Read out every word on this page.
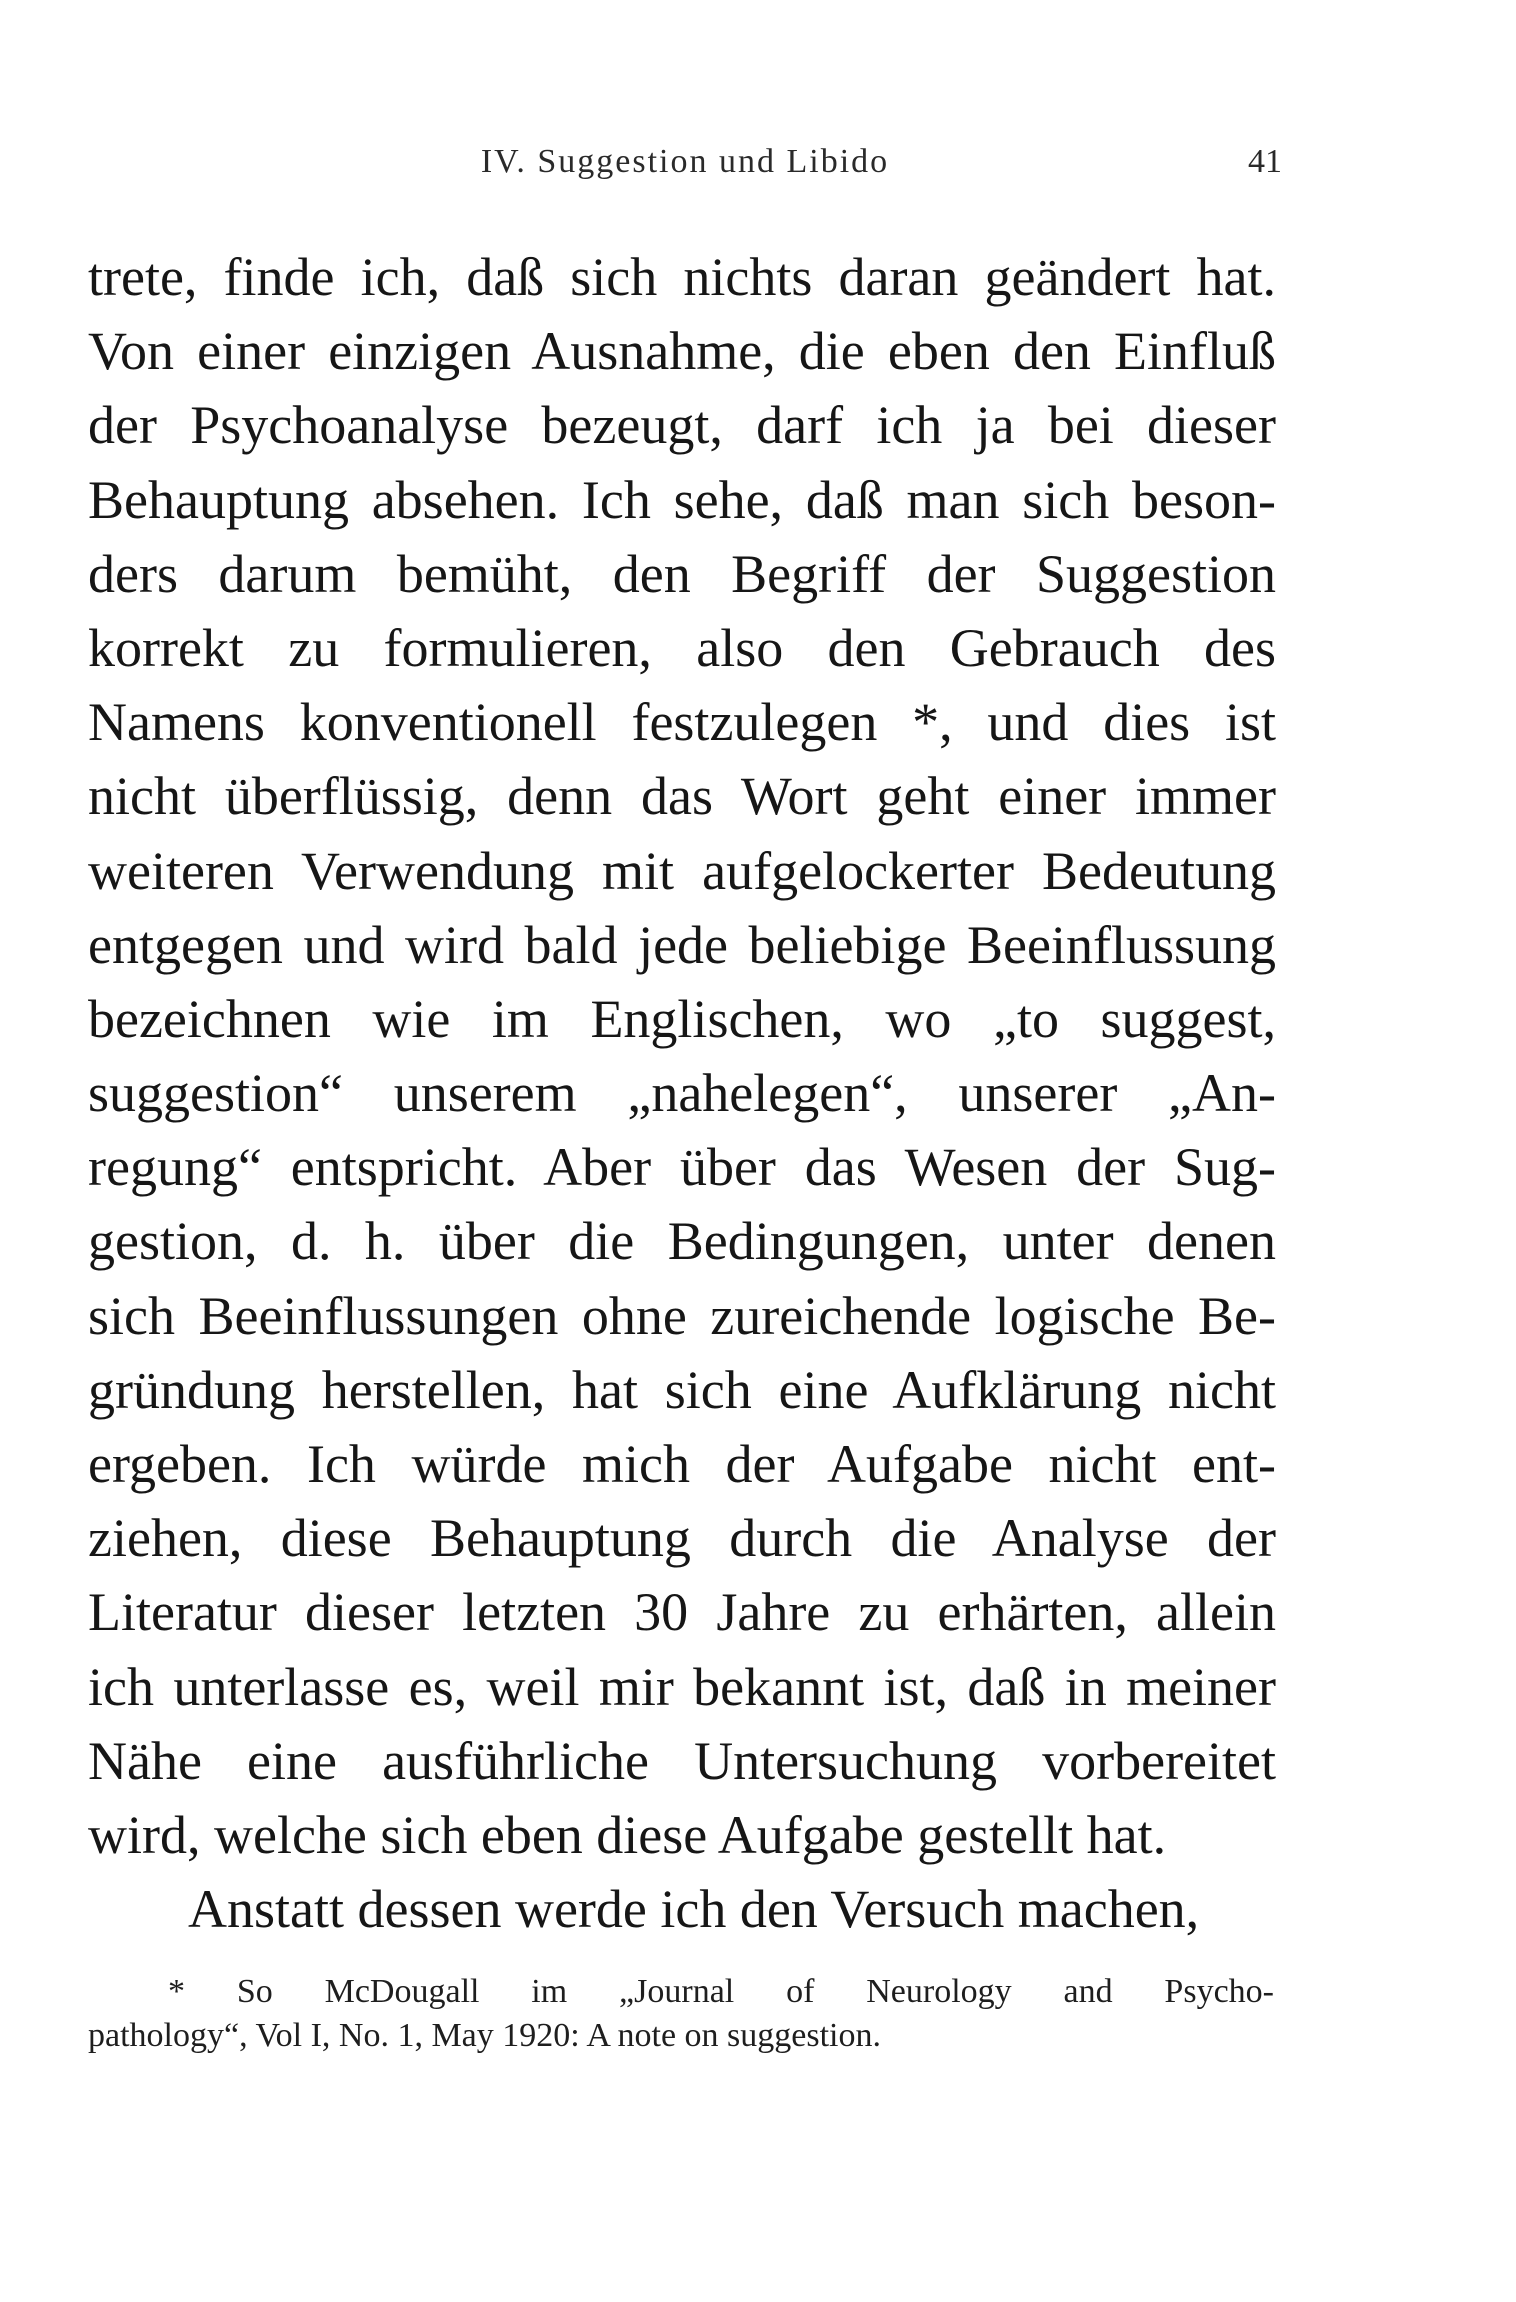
IV. Suggestion und Libido	41
trete, finde ich, daß sich nichts daran geändert hat.
Von einer einzigen Ausnahme, die eben den Einfluß
der Psychoanalyse bezeugt, darf ich ja bei dieser
Behauptung absehen. Ich sehe, daß man sich beson-
ders darum bemüht, den Begriff der Suggestion
korrekt zu formulieren, also den Gebrauch des
Namens konventionell festzulegen *, und dies ist
nicht überflüssig, denn das Wort geht einer immer
weiteren Verwendung mit aufgelockerter Bedeutung
entgegen und wird bald jede beliebige Beeinflussung
bezeichnen wie im Englischen, wo „to suggest,
suggestion“ unserem „nahelegen“, unserer „An-
regung“ entspricht. Aber über das Wesen der Sug-
gestion, d. h. über die Bedingungen, unter denen
sich Beeinflussungen ohne zureichende logische Be-
gründung herstellen, hat sich eine Aufklärung nicht
ergeben. Ich würde mich der Aufgabe nicht ent-
ziehen, diese Behauptung durch die Analyse der
Literatur dieser letzten 30 Jahre zu erhärten, allein
ich unterlasse es, weil mir bekannt ist, daß in meiner
Nähe eine ausführliche Untersuchung vorbereitet
wird, welche sich eben diese Aufgabe gestellt hat.
Anstatt dessen werde ich den Versuch machen,
* So McDougall im „Journal of Neurology and Psycho-
pathology“, Vol I, No. 1, May 1920: A note on suggestion.
